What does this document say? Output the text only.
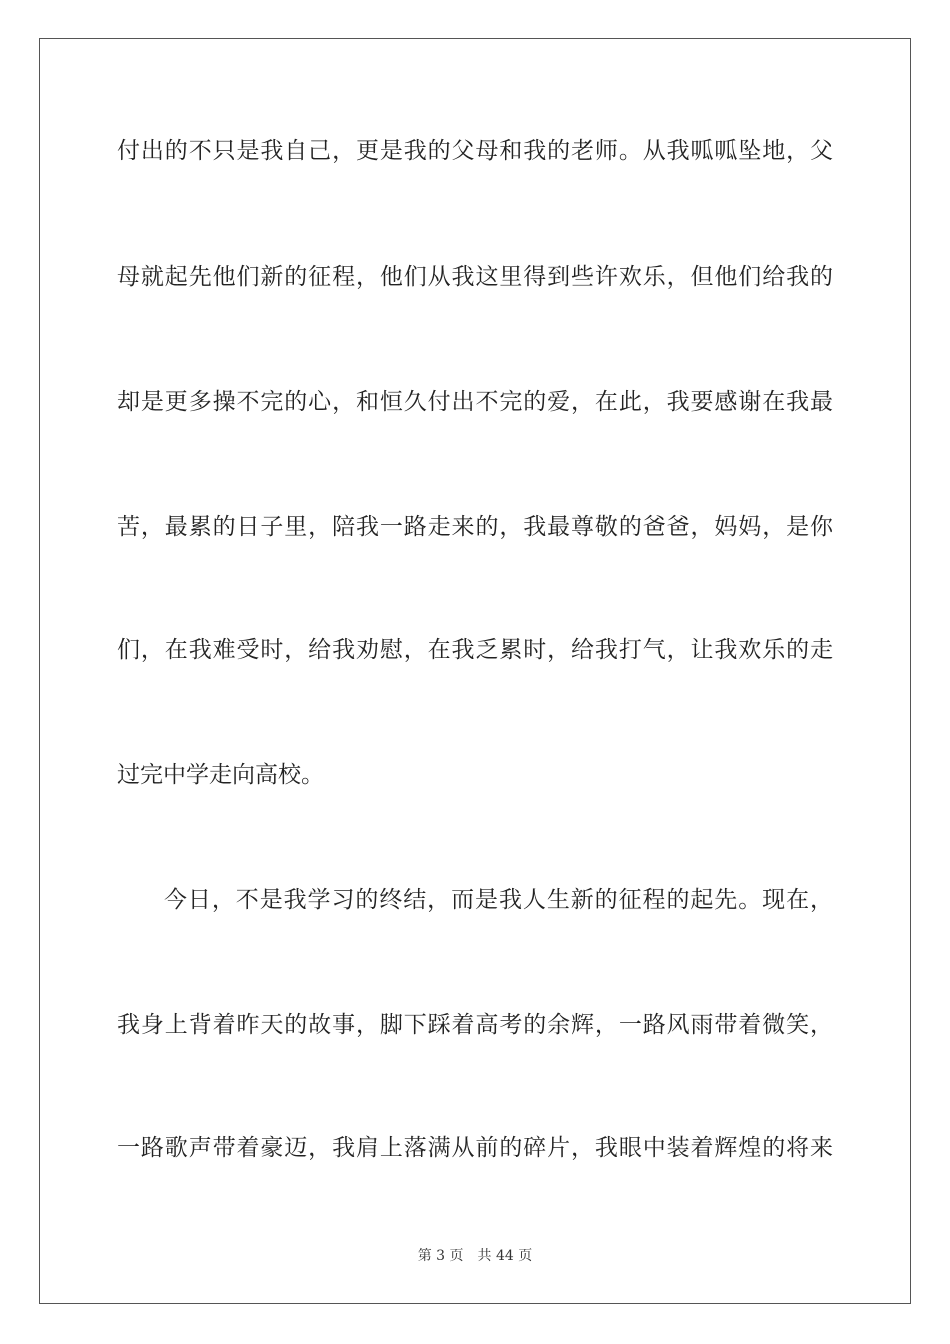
付出的不只是我自己，更是我的父母和我的老师。从我呱呱坠地，父
母就起先他们新的征程，他们从我这里得到些许欢乐，但他们给我的
却是更多操不完的心，和恒久付出不完的爱，在此，我要感谢在我最
苦，最累的日子里，陪我一路走来的，我最尊敬的爸爸，妈妈，是你
们，在我难受时，给我劝慰，在我乏累时，给我打气，让我欢乐的走
过完中学走向高校。
今日，不是我学习的终结，而是我人生新的征程的起先。现在，
我身上背着昨天的故事，脚下踩着高考的余辉，一路风雨带着微笑，
一路歌声带着豪迈，我肩上落满从前的碎片，我眼中装着辉煌的将来
第 3 页 共 44 页
